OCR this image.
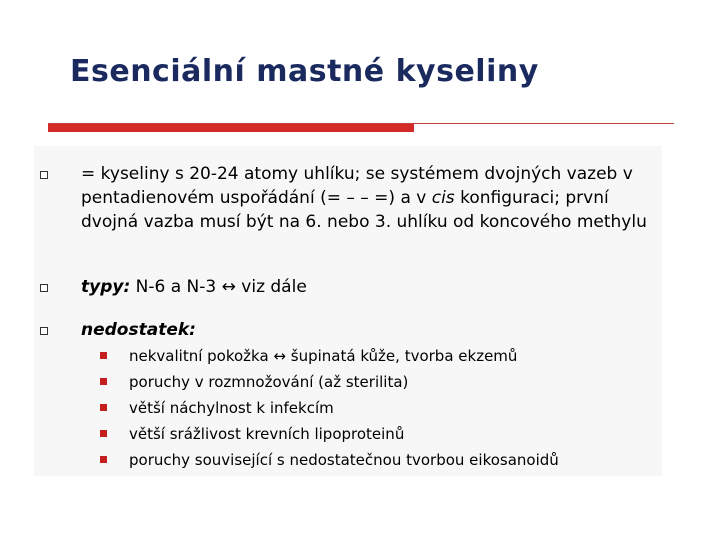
Esenciální mastné kyseliny
= kyseliny s 20-24 atomy uhlíku; se systémem dvojných vazeb v pentadienovém uspořádání (= – – =) a v cis konfiguraci; první dvojná vazba musí být na 6. nebo 3. uhlíku od koncového methylu
typy: N-6 a N-3 ↔ viz dále
nedostatek:
nekvalitní pokožka ↔ šupinatá kůže, tvorba ekzemů
poruchy v rozmnožování (až sterilita)
větší náchylnost k infekcím
větší srážlivost krevních lipoproteinů
poruchy související s nedostatečnou tvorbou eikosanoidů
